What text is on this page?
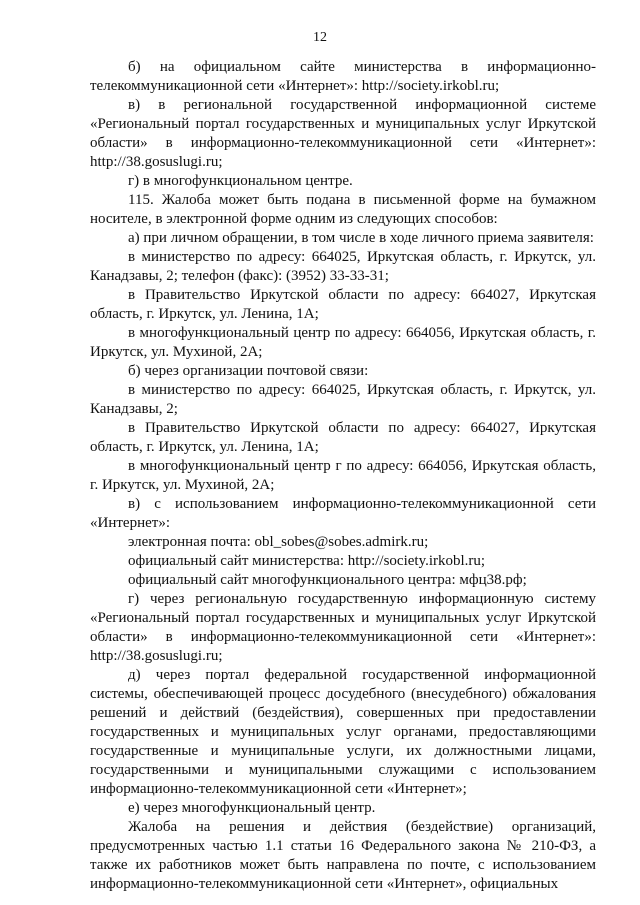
12

б) на официальном сайте министерства в информационно-телекоммуникационной сети «Интернет»: http://society.irkobl.ru;

в) в региональной государственной информационной системе «Региональный портал государственных и муниципальных услуг Иркутской области» в информационно-телекоммуникационной сети «Интернет»: http://38.gosuslugi.ru;

г) в многофункциональном центре.

115. Жалоба может быть подана в письменной форме на бумажном носителе, в электронной форме одним из следующих способов:

а) при личном обращении, в том числе в ходе личного приема заявителя:

в министерство по адресу: 664025, Иркутская область, г. Иркутск, ул. Канадзавы, 2; телефон (факс): (3952) 33-33-31;

в Правительство Иркутской области по адресу: 664027, Иркутская область, г. Иркутск, ул. Ленина, 1А;

в многофункциональный центр по адресу: 664056, Иркутская область, г. Иркутск, ул. Мухиной, 2А;

б) через организации почтовой связи:

в министерство по адресу: 664025, Иркутская область, г. Иркутск, ул. Канадзавы, 2;

в Правительство Иркутской области по адресу: 664027, Иркутская область, г. Иркутск, ул. Ленина, 1А;

в многофункциональный центр г по адресу: 664056, Иркутская область, г. Иркутск, ул. Мухиной, 2А;

в) с использованием информационно-телекоммуникационной сети «Интернет»:

электронная почта: obl_sobes@sobes.admirk.ru;

официальный сайт министерства: http://society.irkobl.ru;

официальный сайт многофункционального центра: мфц38.рф;

г) через региональную государственную информационную систему «Региональный портал государственных и муниципальных услуг Иркутской области» в информационно-телекоммуникационной сети «Интернет»: http://38.gosuslugi.ru;

д) через портал федеральной государственной информационной системы, обеспечивающей процесс досудебного (внесудебного) обжалования решений и действий (бездействия), совершенных при предоставлении государственных и муниципальных услуг органами, предоставляющими государственные и муниципальные услуги, их должностными лицами, государственными и муниципальными служащими с использованием информационно-телекоммуникационной сети «Интернет»;

е) через многофункциональный центр.

Жалоба на решения и действия (бездействие) организаций, предусмотренных частью 1.1 статьи 16 Федерального закона № 210-ФЗ, а также их работников может быть направлена по почте, с использованием информационно-телекоммуникационной сети «Интернет», официальных
